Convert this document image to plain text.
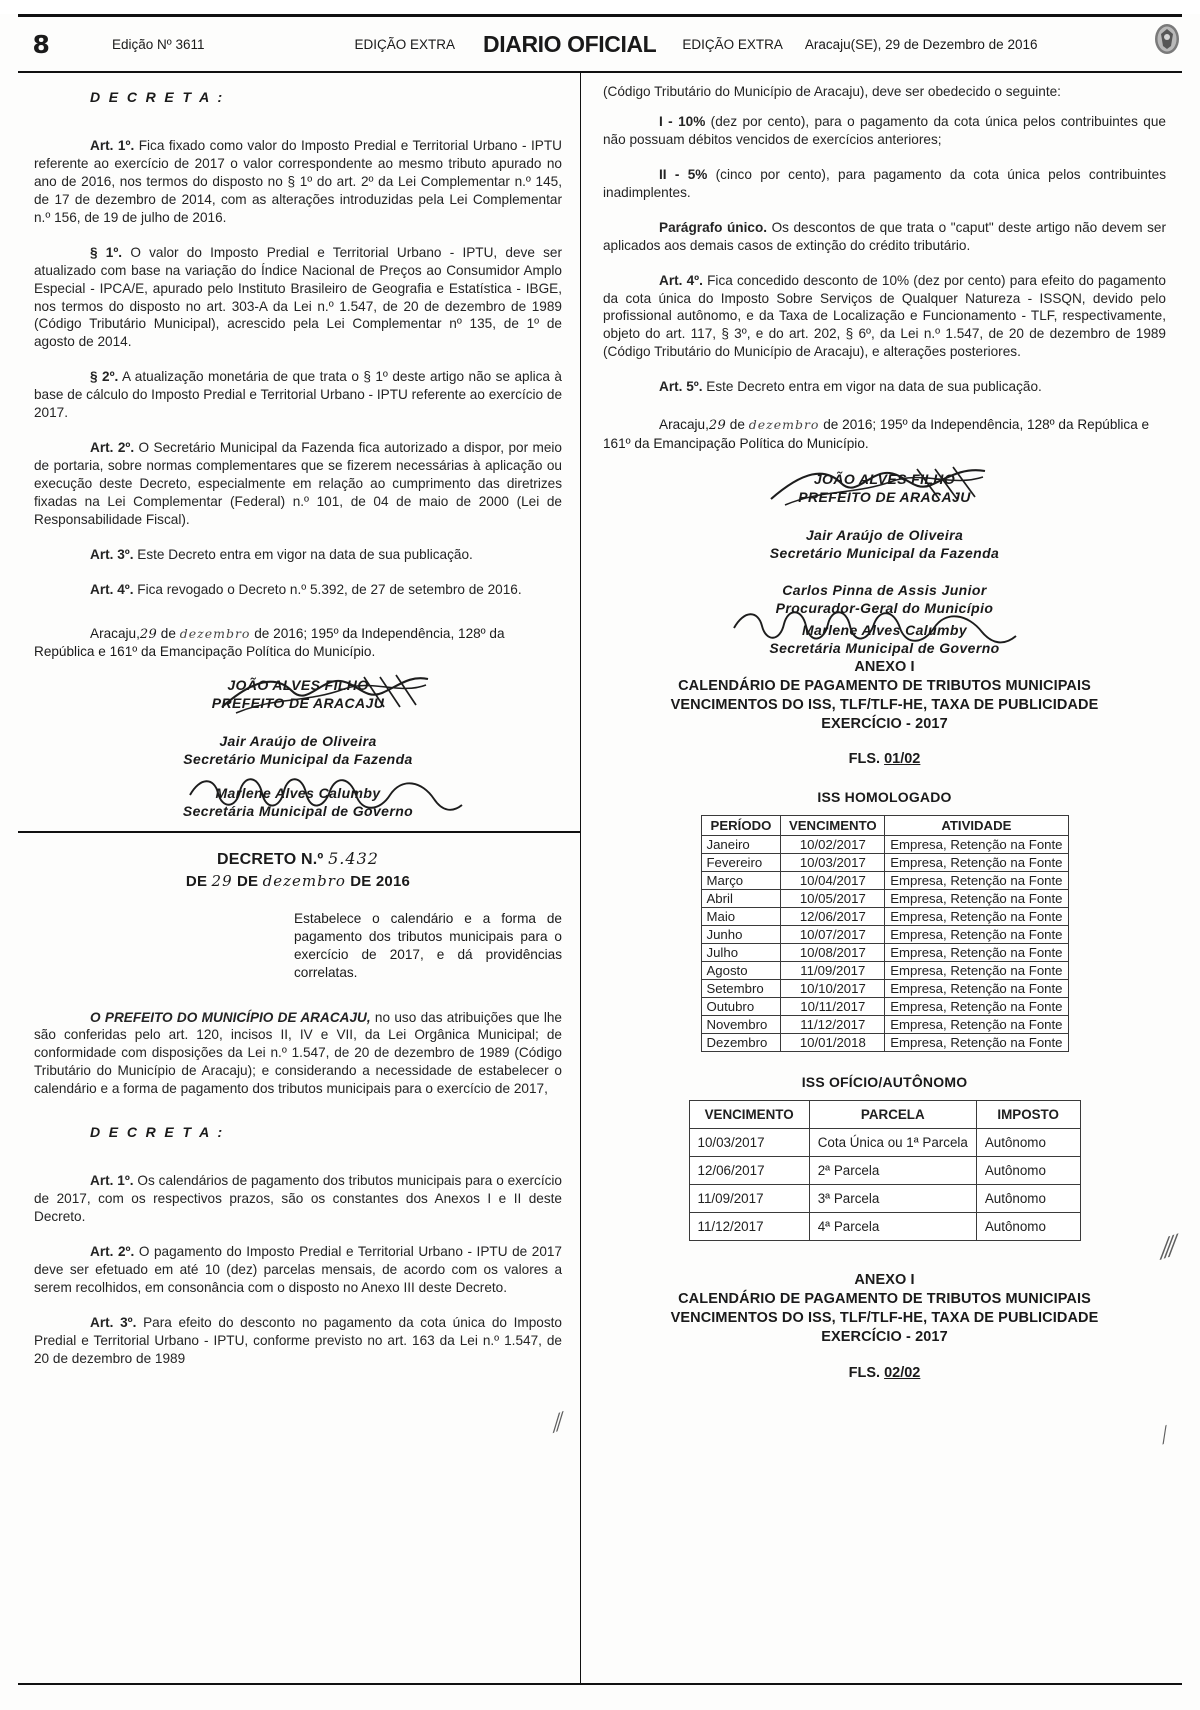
8	Edição Nº 3611	EDIÇÃO EXTRA DIARIO OFICIAL EDIÇÃO EXTRA Aracaju(SE), 29 de Dezembro de 2016
D E C R E T A :

Art. 1º. Fica fixado como valor do Imposto Predial e Territorial Urbano - IPTU referente ao exercício de 2017 o valor correspondente ao mesmo tributo apurado no ano de 2016, nos termos do disposto no § 1º do art. 2º da Lei Complementar n.º 145, de 17 de dezembro de 2014, com as alterações introduzidas pela Lei Complementar n.º 156, de 19 de julho de 2016.

§ 1º. O valor do Imposto Predial e Territorial Urbano - IPTU, deve ser atualizado com base na variação do Índice Nacional de Preços ao Consumidor Amplo Especial - IPCA/E, apurado pelo Instituto Brasileiro de Geografia e Estatística - IBGE, nos termos do disposto no art. 303-A da Lei n.º 1.547, de 20 de dezembro de 1989 (Código Tributário Municipal), acrescido pela Lei Complementar nº 135, de 1º de agosto de 2014.

§ 2º. A atualização monetária de que trata o § 1º deste artigo não se aplica à base de cálculo do Imposto Predial e Territorial Urbano - IPTU referente ao exercício de 2017.

Art. 2º. O Secretário Municipal da Fazenda fica autorizado a dispor, por meio de portaria, sobre normas complementares que se fizerem necessárias à aplicação ou execução deste Decreto, especialmente em relação ao cumprimento das diretrizes fixadas na Lei Complementar (Federal) n.º 101, de 04 de maio de 2000 (Lei de Responsabilidade Fiscal).

Art. 3º. Este Decreto entra em vigor na data de sua publicação.

Art. 4º. Fica revogado o Decreto n.º 5.392, de 27 de setembro de 2016.

Aracaju,29 de dezembro de 2016; 195º da Independência, 128º da República e 161º da Emancipação Política do Município.
JOÃO ALVES FILHO
PREFEITO DE ARACAJU
Jair Araújo de Oliveira
Secretário Municipal da Fazenda
Marlene Alves Calumby
Secretária Municipal de Governo
DECRETO N.º 5.432
DE 29 DE dezembro DE 2016
Estabelece o calendário e a forma de pagamento dos tributos municipais para o exercício de 2017, e dá providências correlatas.

O PREFEITO DO MUNICÍPIO DE ARACAJU, no uso das atribuições que lhe são conferidas pelo art. 120, incisos II, IV e VII, da Lei Orgânica Municipal; de conformidade com disposições da Lei n.º 1.547, de 20 de dezembro de 1989 (Código Tributário do Município de Aracaju); e considerando a necessidade de estabelecer o calendário e a forma de pagamento dos tributos municipais para o exercício de 2017,

D E C R E T A :

Art. 1º. Os calendários de pagamento dos tributos municipais para o exercício de 2017, com os respectivos prazos, são os constantes dos Anexos I e II deste Decreto.

Art. 2º. O pagamento do Imposto Predial e Territorial Urbano - IPTU de 2017 deve ser efetuado em até 10 (dez) parcelas mensais, de acordo com os valores a serem recolhidos, em consonância com o disposto no Anexo III deste Decreto.

Art. 3º. Para efeito do desconto no pagamento da cota única do Imposto Predial e Territorial Urbano - IPTU, conforme previsto no art. 163 da Lei n.º 1.547, de 20 de dezembro de 1989

⁄⁄

(Código Tributário do Município de Aracaju), deve ser obedecido o seguinte:

I - 10% (dez por cento), para o pagamento da cota única pelos contribuintes que não possuam débitos vencidos de exercícios anteriores;

II - 5% (cinco por cento), para pagamento da cota única pelos contribuintes inadimplentes.

Parágrafo único. Os descontos de que trata o "caput" deste artigo não devem ser aplicados aos demais casos de extinção do crédito tributário.

Art. 4º. Fica concedido desconto de 10% (dez por cento) para efeito do pagamento da cota única do Imposto Sobre Serviços de Qualquer Natureza - ISSQN, devido pelo profissional autônomo, e da Taxa de Localização e Funcionamento - TLF, respectivamente, objeto do art. 117, § 3º, e do art. 202, § 6º, da Lei n.º 1.547, de 20 de dezembro de 1989 (Código Tributário do Município de Aracaju), e alterações posteriores.

Art. 5º. Este Decreto entra em vigor na data de sua publicação.

Aracaju,29 de dezembro de 2016; 195º da Independência, 128º da República e 161º da Emancipação Política do Município.
JOÃO ALVES FILHO
PREFEITO DE ARACAJU
Jair Araújo de Oliveira
Secretário Municipal da Fazenda
Carlos Pinna de Assis Junior
Procurador-Geral do Município
Marlene Alves Calumby
Secretária Municipal de Governo
ANEXO I
CALENDÁRIO DE PAGAMENTO DE TRIBUTOS MUNICIPAIS
VENCIMENTOS DO ISS, TLF/TLF-HE, TAXA DE PUBLICIDADE
EXERCÍCIO - 2017
FLS. 01/02
ISS HOMOLOGADO
PERÍODO	VENCIMENTO	ATIVIDADE
Janeiro	10/02/2017	Empresa, Retenção na Fonte
Fevereiro	10/03/2017	Empresa, Retenção na Fonte
Março	10/04/2017	Empresa, Retenção na Fonte
Abril	10/05/2017	Empresa, Retenção na Fonte
Maio	12/06/2017	Empresa, Retenção na Fonte
Junho	10/07/2017	Empresa, Retenção na Fonte
Julho	10/08/2017	Empresa, Retenção na Fonte
Agosto	11/09/2017	Empresa, Retenção na Fonte
Setembro	10/10/2017	Empresa, Retenção na Fonte
Outubro	10/11/2017	Empresa, Retenção na Fonte
Novembro	11/12/2017	Empresa, Retenção na Fonte
Dezembro	10/01/2018	Empresa, Retenção na Fonte
ISS OFÍCIO/AUTÔNOMO
VENCIMENTO	PARCELA	IMPOSTO
10/03/2017	Cota Única ou 1ª Parcela	Autônomo
12/06/2017	2ª Parcela	Autônomo
11/09/2017	3ª Parcela	Autônomo
11/12/2017	4ª Parcela	Autônomo
ANEXO I
CALENDÁRIO DE PAGAMENTO DE TRIBUTOS MUNICIPAIS
VENCIMENTOS DO ISS, TLF/TLF-HE, TAXA DE PUBLICIDADE
EXERCÍCIO - 2017
FLS. 02/02
⁄⁄⁄
⁄
